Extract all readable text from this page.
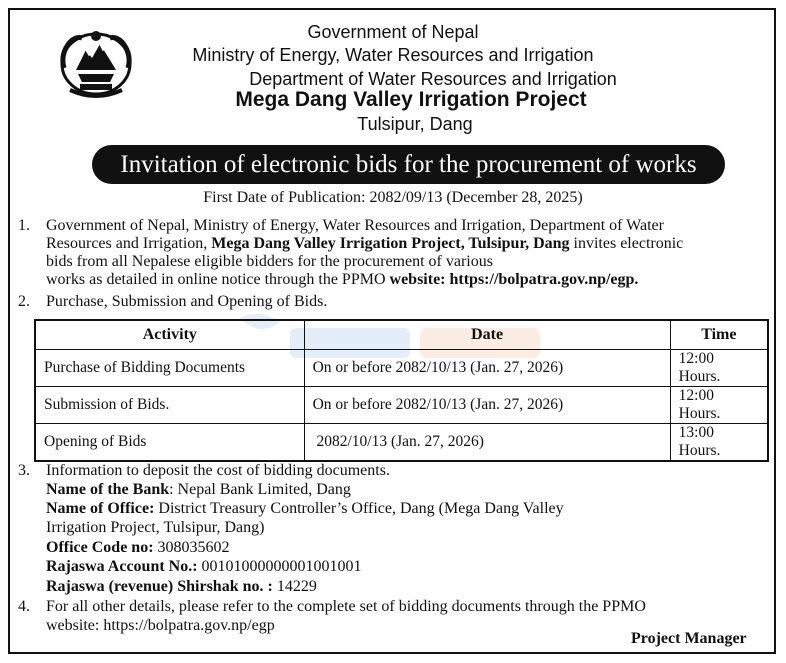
Government of Nepal
Ministry of Energy, Water Resources and Irrigation
Department of Water Resources and Irrigation
Mega Dang Valley Irrigation Project
Tulsipur, Dang
Invitation of electronic bids for the procurement of works
First Date of Publication: 2082/09/13 (December 28, 2025)
1. Government of Nepal, Ministry of Energy, Water Resources and Irrigation, Department of Water
Resources and Irrigation, Mega Dang Valley Irrigation Project, Tulsipur, Dang invites electronic
bids from all Nepalese eligible bidders for the procurement of various
works as detailed in online notice through the PPMO website: https://bolpatra.gov.np/egp.
2. Purchase, Submission and Opening of Bids.
Activity	Date	Time
Purchase of Bidding Documents	On or before 2082/10/13 (Jan. 27, 2026)	12:00 Hours.
Submission of Bids.	On or before 2082/10/13 (Jan. 27, 2026)	12:00 Hours.
Opening of Bids	2082/10/13 (Jan. 27, 2026)	13:00 Hours.
3. Information to deposit the cost of bidding documents.
Name of the Bank: Nepal Bank Limited, Dang
Name of Office: District Treasury Controller’s Office, Dang (Mega Dang Valley
Irrigation Project, Tulsipur, Dang)
Office Code no: 308035602
Rajaswa Account No.: 00101000000001001001
Rajaswa (revenue) Shirshak no. : 14229
4. For all other details, please refer to the complete set of bidding documents through the PPMO
website: https://bolpatra.gov.np/egp
Project Manager
